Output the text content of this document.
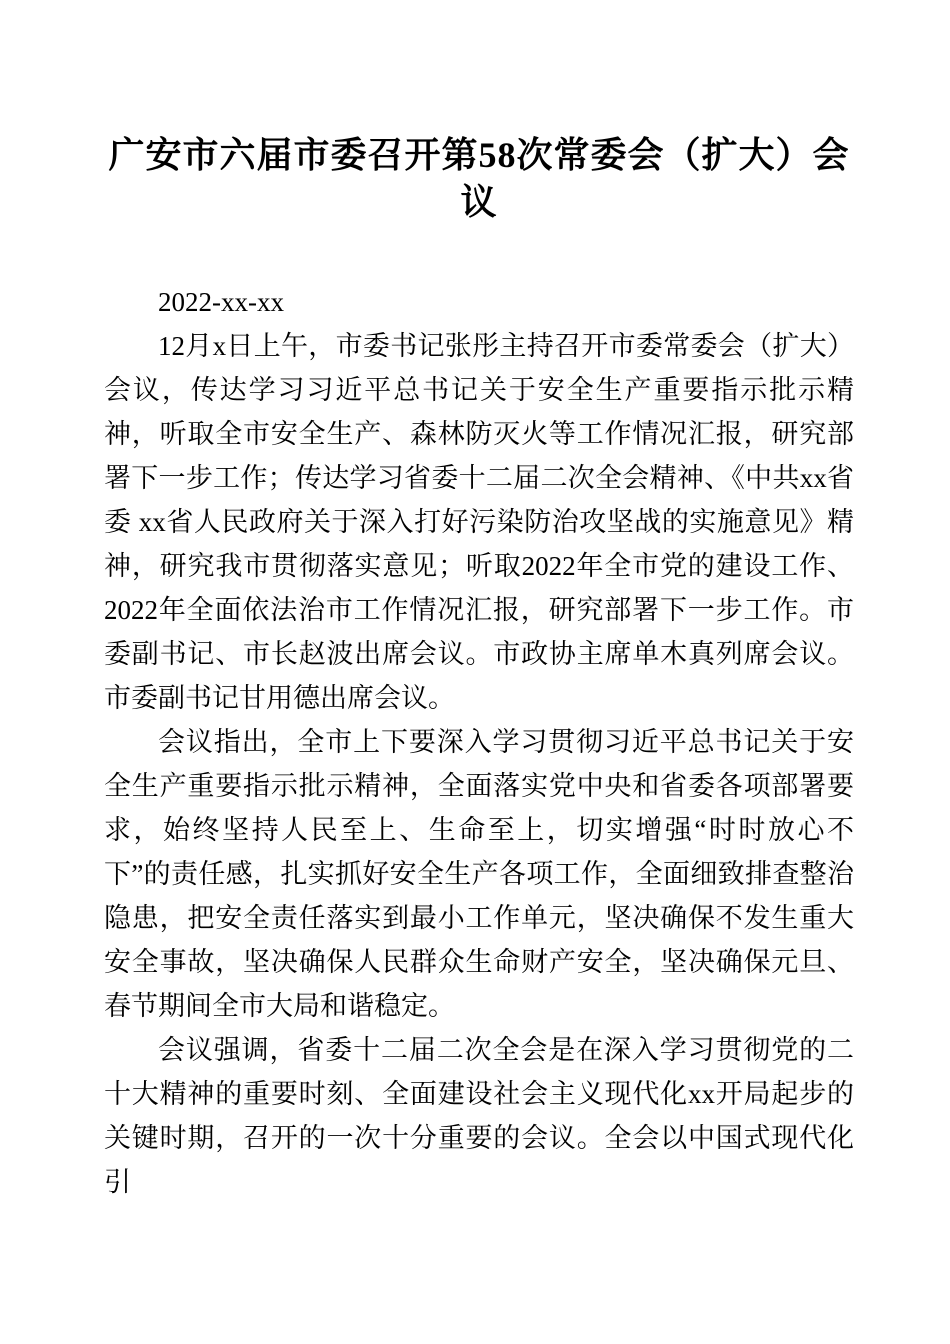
广安市六届市委召开第58次常委会（扩大）会议

2022-xx-xx

12月x日上午，市委书记张彤主持召开市委常委会（扩大）会议，传达学习习近平总书记关于安全生产重要指示批示精神，听取全市安全生产、森林防灭火等工作情况汇报，研究部署下一步工作；传达学习省委十二届二次全会精神、《中共xx省委 xx省人民政府关于深入打好污染防治攻坚战的实施意见》精神，研究我市贯彻落实意见；听取2022年全市党的建设工作、2022年全面依法治市工作情况汇报，研究部署下一步工作。市委副书记、市长赵波出席会议。市政协主席单木真列席会议。市委副书记甘用德出席会议。

会议指出，全市上下要深入学习贯彻习近平总书记关于安全生产重要指示批示精神，全面落实党中央和省委各项部署要求，始终坚持人民至上、生命至上，切实增强“时时放心不下”的责任感，扎实抓好安全生产各项工作，全面细致排查整治隐患，把安全责任落实到最小工作单元，坚决确保不发生重大安全事故，坚决确保人民群众生命财产安全，坚决确保元旦、春节期间全市大局和谐稳定。

会议强调，省委十二届二次全会是在深入学习贯彻党的二十大精神的重要时刻、全面建设社会主义现代化xx开局起步的关键时期，召开的一次十分重要的会议。全会以中国式现代化引
